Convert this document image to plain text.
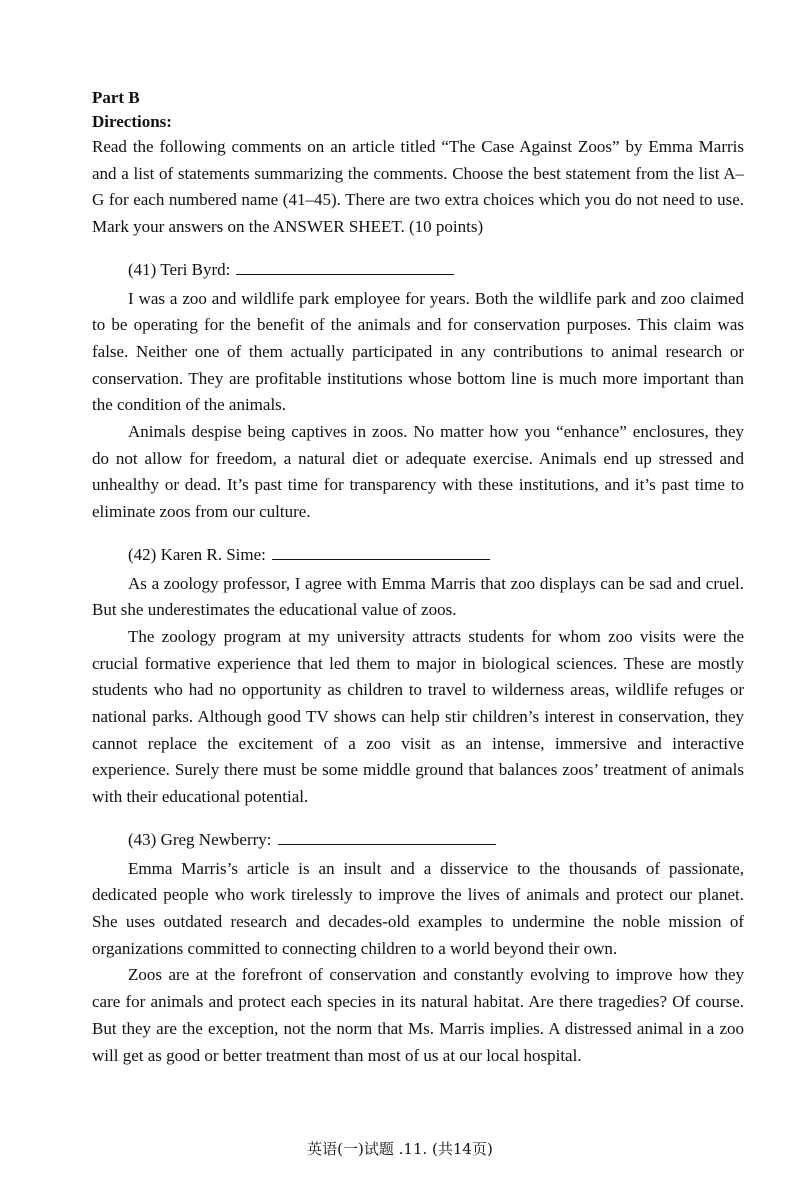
Part B
Directions:

Read the following comments on an article titled “The Case Against Zoos” by Emma Marris and a list of statements summarizing the comments. Choose the best statement from the list A–G for each numbered name (41–45). There are two extra choices which you do not need to use. Mark your answers on the ANSWER SHEET. (10 points)

(41) Teri Byrd:

I was a zoo and wildlife park employee for years. Both the wildlife park and zoo claimed to be operating for the benefit of the animals and for conservation purposes. This claim was false. Neither one of them actually participated in any contributions to animal research or conservation. They are profitable institutions whose bottom line is much more important than the condition of the animals.

Animals despise being captives in zoos. No matter how you “enhance” enclosures, they do not allow for freedom, a natural diet or adequate exercise. Animals end up stressed and unhealthy or dead. It’s past time for transparency with these institutions, and it’s past time to eliminate zoos from our culture.

(42) Karen R. Sime:

As a zoology professor, I agree with Emma Marris that zoo displays can be sad and cruel. But she underestimates the educational value of zoos.

The zoology program at my university attracts students for whom zoo visits were the crucial formative experience that led them to major in biological sciences. These are mostly students who had no opportunity as children to travel to wilderness areas, wildlife refuges or national parks. Although good TV shows can help stir children’s interest in conservation, they cannot replace the excitement of a zoo visit as an intense, immersive and interactive experience. Surely there must be some middle ground that balances zoos’ treatment of animals with their educational potential.

(43) Greg Newberry:

Emma Marris’s article is an insult and a disservice to the thousands of passionate, dedicated people who work tirelessly to improve the lives of animals and protect our planet. She uses outdated research and decades-old examples to undermine the noble mission of organizations committed to connecting children to a world beyond their own.

Zoos are at the forefront of conservation and constantly evolving to improve how they care for animals and protect each species in its natural habitat. Are there tragedies? Of course. But they are the exception, not the norm that Ms. Marris implies. A distressed animal in a zoo will get as good or better treatment than most of us at our local hospital.

英语(一)试题 .11. (共14页)
